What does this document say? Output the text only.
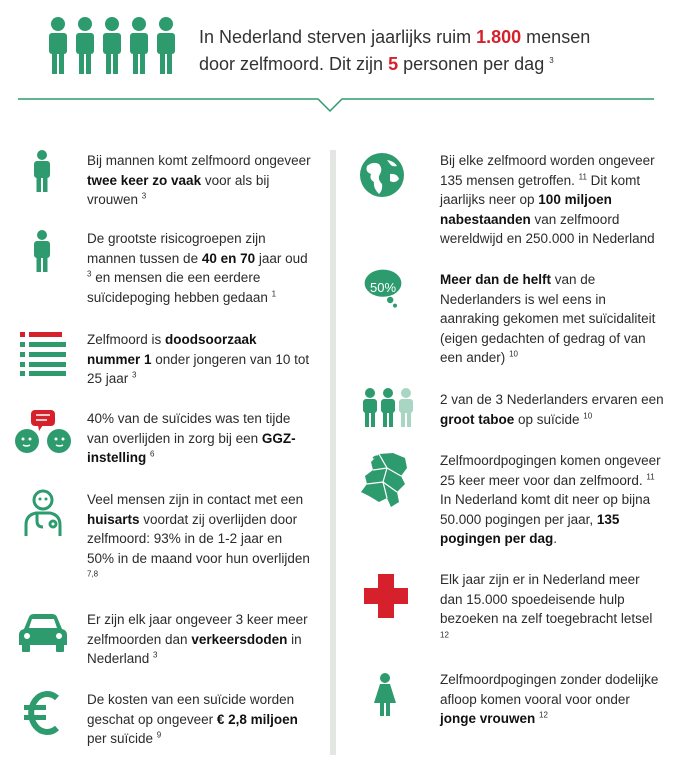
In Nederland sterven jaarlijks ruim 1.800 mensen door zelfmoord. Dit zijn 5 personen per dag $^3$
Bij mannen komt zelfmoord ongeveer twee keer zo vaak voor als bij vrouwen $^3$
De grootste risicogroepen zijn mannen tussen de 40 en 70 jaar oud $^3$ en mensen die een eerdere suïcidepoging hebben gedaan $^1$
Zelfmoord is doodsoorzaak nummer 1 onder jongeren van 10 tot 25 jaar $^3$
40% van de suïcides was ten tijde van overlijden in zorg bij een GGZ-instelling $^6$
Veel mensen zijn in contact met een huisarts voordat zij overlijden door zelfmoord: 93% in de 1-2 jaar en 50% in de maand voor hun overlijden $^{7,8}$
Er zijn elk jaar ongeveer 3 keer meer zelfmoorden dan verkeersdoden in Nederland $^3$
De kosten van een suïcide worden geschat op ongeveer € 2,8 miljoen per suïcide $^9$
Bij elke zelfmoord worden ongeveer 135 mensen getroffen. $^{11}$ Dit komt jaarlijks neer op 100 miljoen nabestaanden van zelfmoord wereldwijd en 250.000 in Nederland
50%
Meer dan de helft van de Nederlanders is wel eens in aanraking gekomen met suïcidaliteit (eigen gedachten of gedrag of van een ander) $^{10}$
2 van de 3 Nederlanders ervaren een groot taboe op suïcide $^{10}$
Zelfmoordpogingen komen ongeveer 25 keer meer voor dan zelfmoord. $^{11}$ In Nederland komt dit neer op bijna 50.000 pogingen per jaar, 135 pogingen per dag.
Elk jaar zijn er in Nederland meer dan 15.000 spoedeisende hulp bezoeken na zelf toegebracht letsel $^{12}$
Zelfmoordpogingen zonder dodelijke afloop komen vooral voor onder jonge vrouwen $^{12}$
